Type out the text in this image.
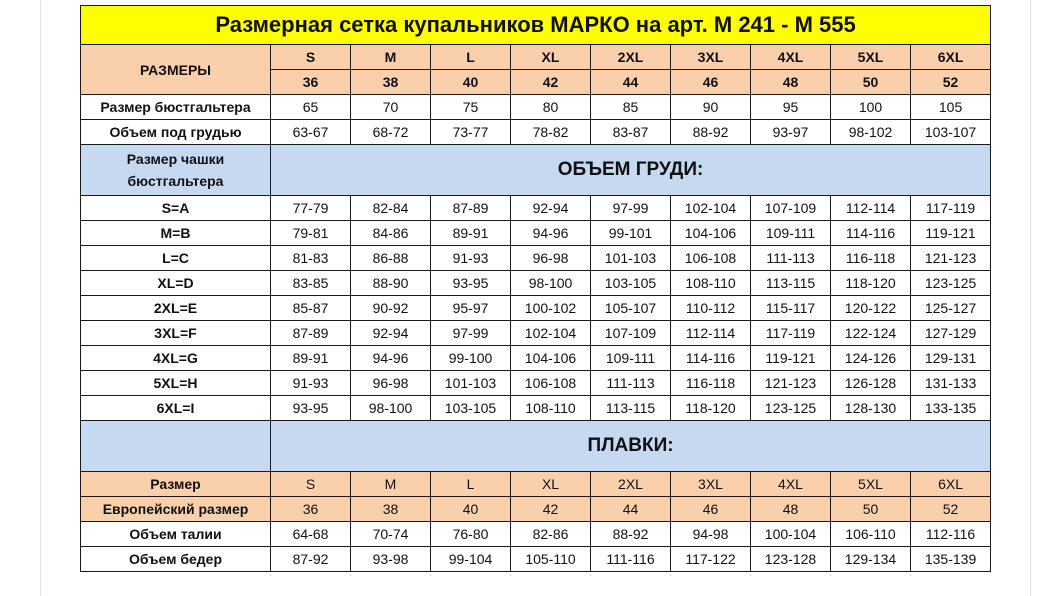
Размерная сетка купальников МАРКО на арт. М 241 - М 555									
РАЗМЕРЫ	S	M	L	XL	2XL	3XL	4XL	5XL	6XL
	36	38	40	42	44	46	48	50	52
Размер бюстгальтера	65	70	75	80	85	90	95	100	105
Объем под грудью	63-67	68-72	73-77	78-82	83-87	88-92	93-97	98-102	103-107
Размер чашки бюстгальтера	ОБЪЕМ ГРУДИ:								
S=A	77-79	82-84	87-89	92-94	97-99	102-104	107-109	112-114	117-119
M=B	79-81	84-86	89-91	94-96	99-101	104-106	109-111	114-116	119-121
L=C	81-83	86-88	91-93	96-98	101-103	106-108	111-113	116-118	121-123
XL=D	83-85	88-90	93-95	98-100	103-105	108-110	113-115	118-120	123-125
2XL=E	85-87	90-92	95-97	100-102	105-107	110-112	115-117	120-122	125-127
3XL=F	87-89	92-94	97-99	102-104	107-109	112-114	117-119	122-124	127-129
4XL=G	89-91	94-96	99-100	104-106	109-111	114-116	119-121	124-126	129-131
5XL=H	91-93	96-98	101-103	106-108	111-113	116-118	121-123	126-128	131-133
6XL=I	93-95	98-100	103-105	108-110	113-115	118-120	123-125	128-130	133-135
	ПЛАВКИ:								
Размер	S	M	L	XL	2XL	3XL	4XL	5XL	6XL
Европейский размер	36	38	40	42	44	46	48	50	52
Объем талии	64-68	70-74	76-80	82-86	88-92	94-98	100-104	106-110	112-116
Объем бедер	87-92	93-98	99-104	105-110	111-116	117-122	123-128	129-134	135-139
